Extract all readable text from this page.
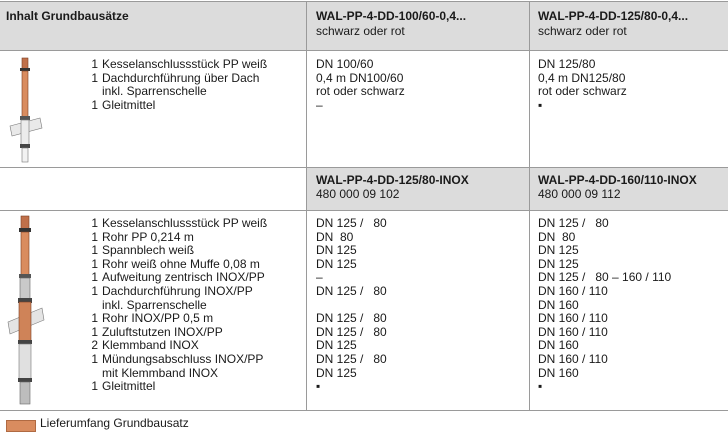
Inhalt Grundbausätze	WAL-PP-4-DD-100/60-0,4...
schwarz oder rot
WAL-PP-4-DD-125/80-0,4...
schwarz oder rot
WAL-PP-4-DD-125/80-INOX
480 000 09 102
WAL-PP-4-DD-160/110-INOX
480 000 09 112
1 Kesselanschlussstück PP weiß
1 Dachdurchführung über Dach
inkl. Sparrenschelle
1 Gleitmittel
DN 100/60
0,4 m DN100/60
rot oder schwarz
–
DN 125/80
0,4 m DN125/80
rot oder schwarz
▪
1 Kesselanschlussstück PP weiß
1 Rohr PP 0,214 m
1 Spannblech weiß
1 Rohr weiß ohne Muffe 0,08 m
1 Aufweitung zentrisch INOX/PP
1 Dachdurchführung INOX/PP
inkl. Sparrenschelle
1 Rohr INOX/PP 0,5 m
1 Zuluftstutzen INOX/PP
2 Klemmband INOX
1 Mündungsabschluss INOX/PP
mit Klemmband INOX
1 Gleitmittel
DN 125 /   80
DN  80
DN 125
DN 125
–
DN 125 /   80
DN 125 /   80
DN 125 /   80
DN 125
DN 125 /   80
DN 125
▪
DN 125 /   80
DN  80
DN 125
DN 125
DN 125 /   80 – 160 / 110
DN 160 / 110
DN 160
DN 160 / 110
DN 160 / 110
DN 160
DN 160 / 110
DN 160
▪
Lieferumfang Grundbausatz
